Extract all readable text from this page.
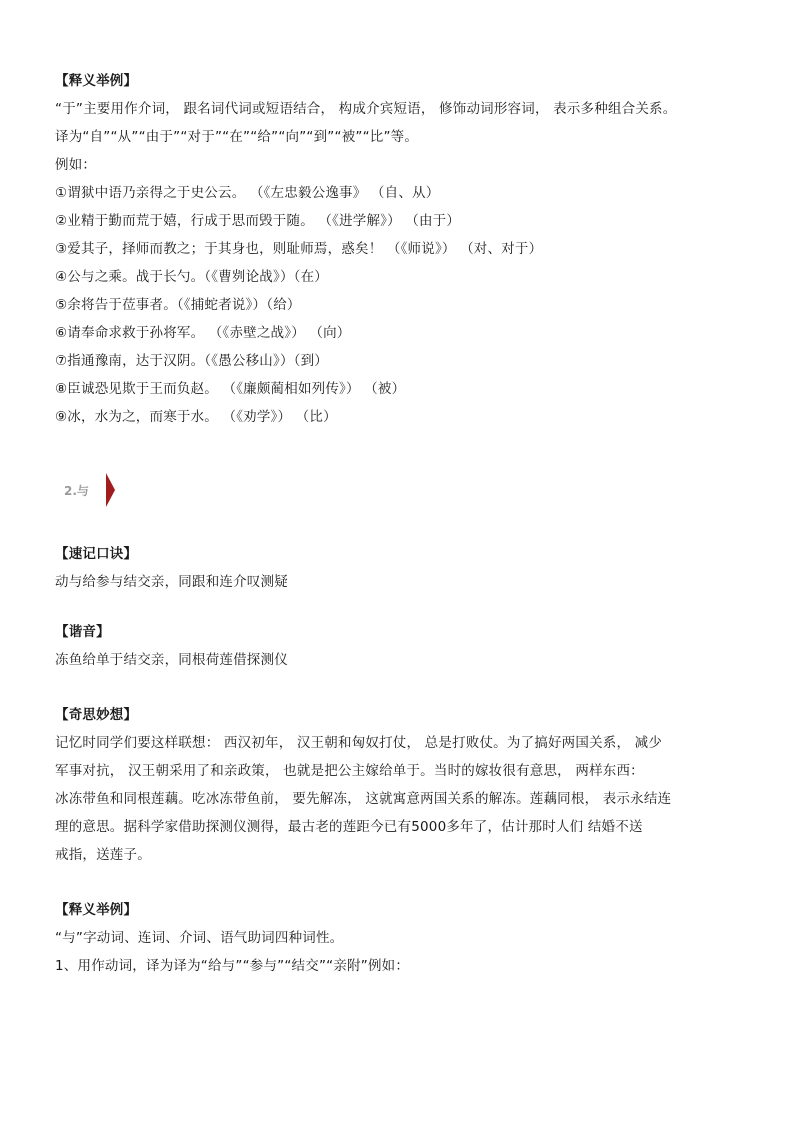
【释义举例】
“于”主要用作介词， 跟名词代词或短语结合， 构成介宾短语， 修饰动词形容词， 表示多种组合关系。
译为“自”“从”“由于”“对于”“在”“给”“向”“到”“被”“比”等。
例如：
①谓狱中语乃亲得之于史公云。 （《左忠毅公逸事》 （自、从）
②业精于勤而荒于嬉，行成于思而毁于随。 （《进学解》） （由于）
③爱其子，择师而教之；于其身也，则耻师焉，惑矣！ （《师说》） （对、对于）
④公与之乘。战于长勺。（《曹刿论战》）（在）
⑤余将告于莅事者。（《捕蛇者说》）（给）
⑥请奉命求救于孙将军。 （《赤壁之战》） （向）
⑦指通豫南，达于汉阴。（《愚公移山》）（到）
⑧臣诚恐见欺于王而负赵。 （《廉颇蔺相如列传》） （被）
⑨冰，水为之，而寒于水。 （《劝学》） （比）
2.与
【速记口诀】
动与给参与结交亲，同跟和连介叹测疑
【谐音】
冻鱼给单于结交亲，同根荷莲借探测仪
【奇思妙想】
记忆时同学们要这样联想： 西汉初年， 汉王朝和匈奴打仗， 总是打败仗。为了搞好两国关系， 减少
军事对抗， 汉王朝采用了和亲政策， 也就是把公主嫁给单于。当时的嫁妆很有意思， 两样东西：
冰冻带鱼和同根莲藕。吃冰冻带鱼前， 要先解冻， 这就寓意两国关系的解冻。莲藕同根， 表示永结连
理的意思。据科学家借助探测仪测得，最古老的莲距今已有5000多年了，估计那时人们 结婚不送
戒指，送莲子。
【释义举例】
“与”字动词、连词、介词、语气助词四种词性。
1、用作动词，译为译为“给与”“参与”“结交”“亲附”例如：
